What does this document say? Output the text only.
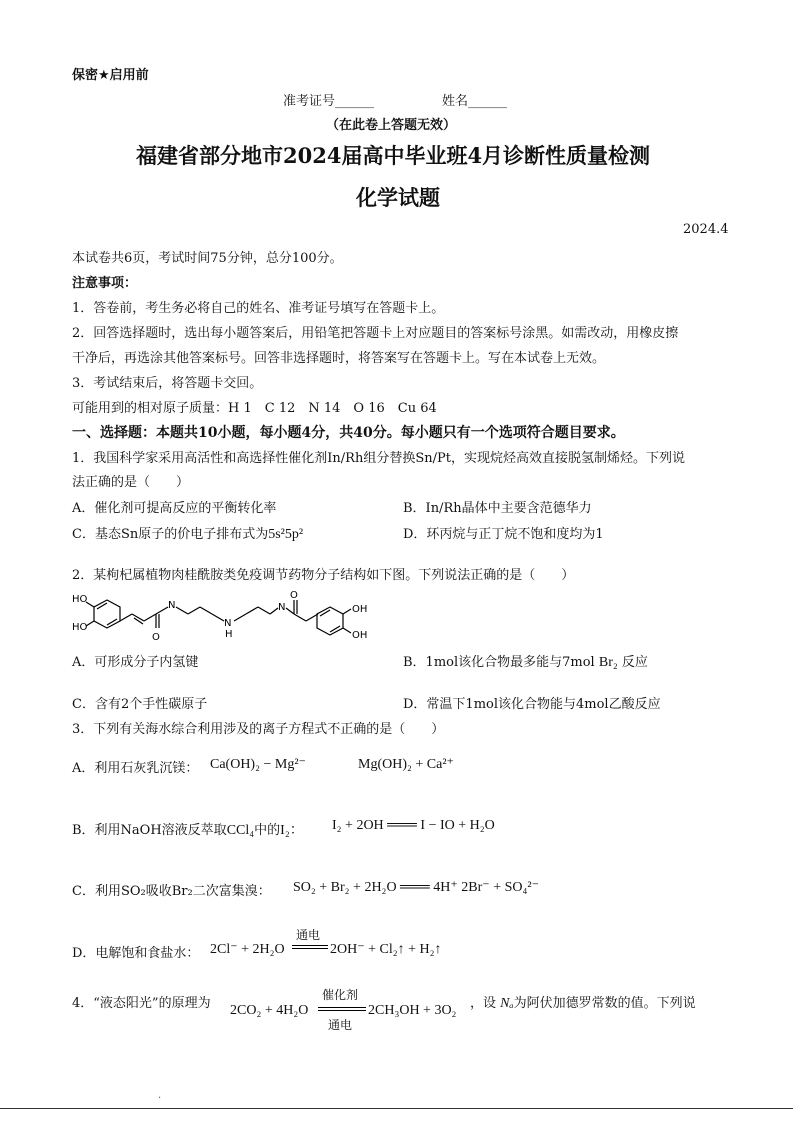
保密★启用前
准考证号______	姓名______
（在此卷上答题无效）
福建省部分地市2024届高中毕业班4月诊断性质量检测
化学试题
2024.4
本试卷共6页，考试时间75分钟，总分100分。
注意事项：
1．答卷前，考生务必将自己的姓名、准考证号填写在答题卡上。
2．回答选择题时，选出每小题答案后，用铅笔把答题卡上对应题目的答案标号涂黑。如需改动，用橡皮擦
干净后，再选涂其他答案标号。回答非选择题时，将答案写在答题卡上。写在本试卷上无效。
3．考试结束后，将答题卡交回。
可能用到的相对原子质量：H 1　C 12　N 14　O 16　Cu 64
一、选择题：本题共10小题，每小题4分，共40分。每小题只有一个选项符合题目要求。
1．我国科学家采用高活性和高选择性催化剂In/Rh组分替换Sn/Pt，实现烷烃高效直接脱氢制烯烃。下列说
法正确的是（　　）
A．催化剂可提高反应的平衡转化率	B．In/Rh晶体中主要含范德华力
C．基态Sn原子的价电子排布式为5s²5p²	D．环丙烷与正丁烷不饱和度均为1
2．某枸杞属植物肉桂酰胺类免疫调节药物分子结构如下图。下列说法正确的是（　　）
HO
HO
O
N
N
H
N
O
OH
OH
A．可形成分子内氢键	B．1mol该化合物最多能与7mol Br₂ 反应
C．含有2个手性碳原子	D．常温下1mol该化合物能与4mol乙酸反应
3．下列有关海水综合利用涉及的离子方程式不正确的是（　　）
A．利用石灰乳沉镁： Ca(OH)₂ − Mg²⁻	Mg(OH)₂ + Ca²⁺
B．利用NaOH溶液反萃取CCl₄中的I₂： I₂ + 2OH ═══ I − IO + H₂O
C．利用SO₂吸收Br₂二次富集溴： SO₂ + Br₂ + 2H₂O ═══ 4H⁺ 2Br⁻ + SO₄²⁻
D．电解饱和食盐水： 2Cl⁻ + 2H₂O
通电
2OH⁻ + Cl₂↑ + H₂↑
4．“液态阳光”的原理为 2CO₂ + 4H₂O
催化剂
通电
2CH₃OH + 3O₂ ，设 Nₐ为阿伏加德罗常数的值。下列说
.
